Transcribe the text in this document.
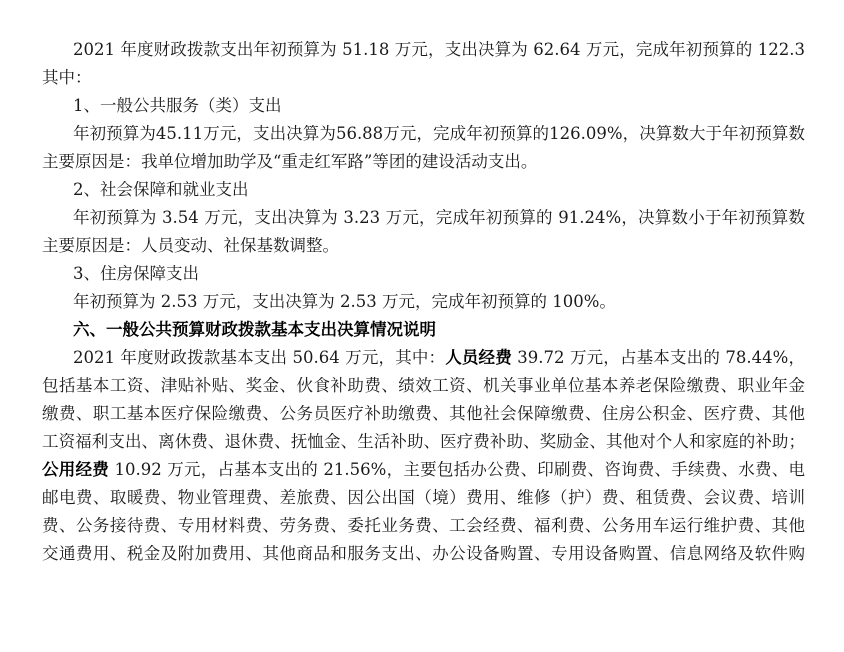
2021 年度财政拨款支出年初预算为 51.18 万元，支出决算为 62.64 万元，完成年初预算的 122.3
其中：
1、一般公共服务（类）支出
年初预算为45.11万元，支出决算为56.88万元，完成年初预算的126.09%，决算数大于年初预算数
主要原因是：我单位增加助学及“重走红军路”等团的建设活动支出。
2、社会保障和就业支出
年初预算为 3.54 万元，支出决算为 3.23 万元，完成年初预算的 91.24%，决算数小于年初预算数
主要原因是：人员变动、社保基数调整。
3、住房保障支出
年初预算为 2.53 万元，支出决算为 2.53 万元，完成年初预算的 100%。
六、一般公共预算财政拨款基本支出决算情况说明
2021 年度财政拨款基本支出 50.64 万元，其中：人员经费 39.72 万元，占基本支出的 78.44%，
包括基本工资、津贴补贴、奖金、伙食补助费、绩效工资、机关事业单位基本养老保险缴费、职业年金
缴费、职工基本医疗保险缴费、公务员医疗补助缴费、其他社会保障缴费、住房公积金、医疗费、其他
工资福利支出、离休费、退休费、抚恤金、生活补助、医疗费补助、奖励金、其他对个人和家庭的补助；
公用经费 10.92 万元，占基本支出的 21.56%，主要包括办公费、印刷费、咨询费、手续费、水费、电
邮电费、取暖费、物业管理费、差旅费、因公出国（境）费用、维修（护）费、租赁费、会议费、培训
费、公务接待费、专用材料费、劳务费、委托业务费、工会经费、福利费、公务用车运行维护费、其他
交通费用、税金及附加费用、其他商品和服务支出、办公设备购置、专用设备购置、信息网络及软件购
